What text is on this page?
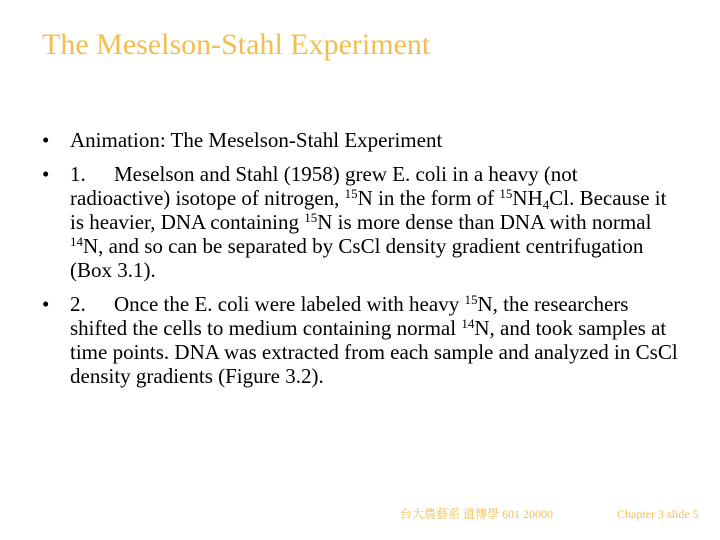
The Meselson-Stahl Experiment
• Animation: The Meselson-Stahl Experiment
• 1. Meselson and Stahl (1958) grew E. coli in a heavy (not radioactive) isotope of nitrogen, $^{15}$N in the form of $^{15}NH_4Cl$. Because it is heavier, DNA containing $^{15}$N is more dense than DNA with normal $^{14}$N, and so can be separated by CsCl density gradient centrifugation (Box 3.1).
• 2. Once the E. coli were labeled with heavy $^{15}$N, the researchers shifted the cells to medium containing normal $^{14}$N, and took samples at time points. DNA was extracted from each sample and analyzed in CsCl density gradients (Figure 3.2).
台大農藝系 遺傳學 601 20000	Chapter 3 slide 5
